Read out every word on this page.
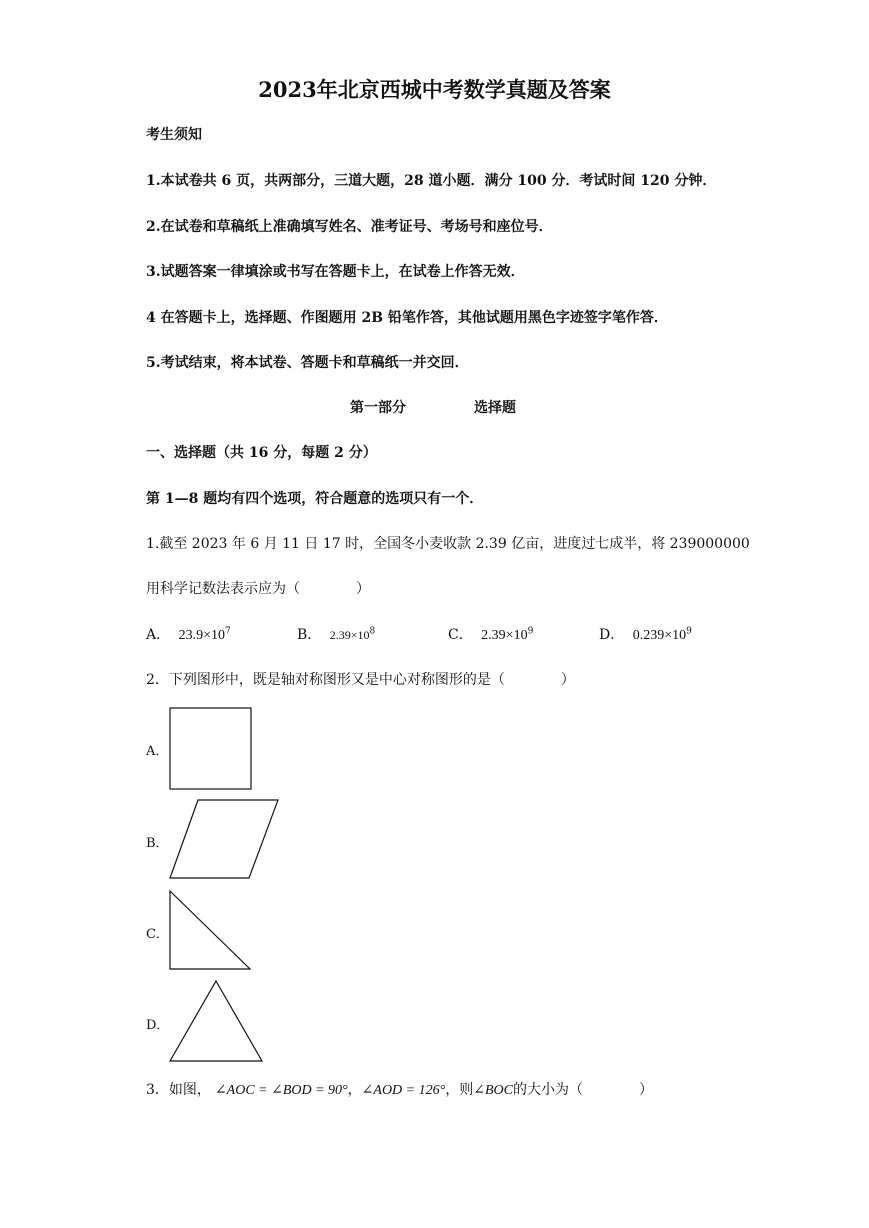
2023年北京西城中考数学真题及答案
考生须知
1.本试卷共 6 页，共两部分，三道大题，28 道小题．满分 100 分．考试时间 120 分钟．
2.在试卷和草稿纸上准确填写姓名、准考证号、考场号和座位号．
3.试题答案一律填涂或书写在答题卡上，在试卷上作答无效．
4 在答题卡上，选择题、作图题用 2B 铅笔作答，其他试题用黑色字迹签字笔作答．
5.考试结束，将本试卷、答题卡和草稿纸一并交回．
第一部分	选择题
一、选择题（共 16 分，每题 2 分）
第 1—8 题均有四个选项，符合题意的选项只有一个．
1.截至 2023 年 6 月 11 日 17 时，全国冬小麦收款 2.39 亿亩，进度过七成半，将 239000000
用科学记数法表示应为（　　　　）
A． $23.9\times 10^7$	B． $2.39\times 10^8$	C． $2.39\times 10^9$	D． $0.239\times 10^9$
2．下列图形中，既是轴对称图形又是中心对称图形的是（　　　　）
A．
B．
C．
D．
3．如图， ∠AOC = ∠BOD = 90°，∠AOD = 126°，则∠BOC的大小为（　　　　）
